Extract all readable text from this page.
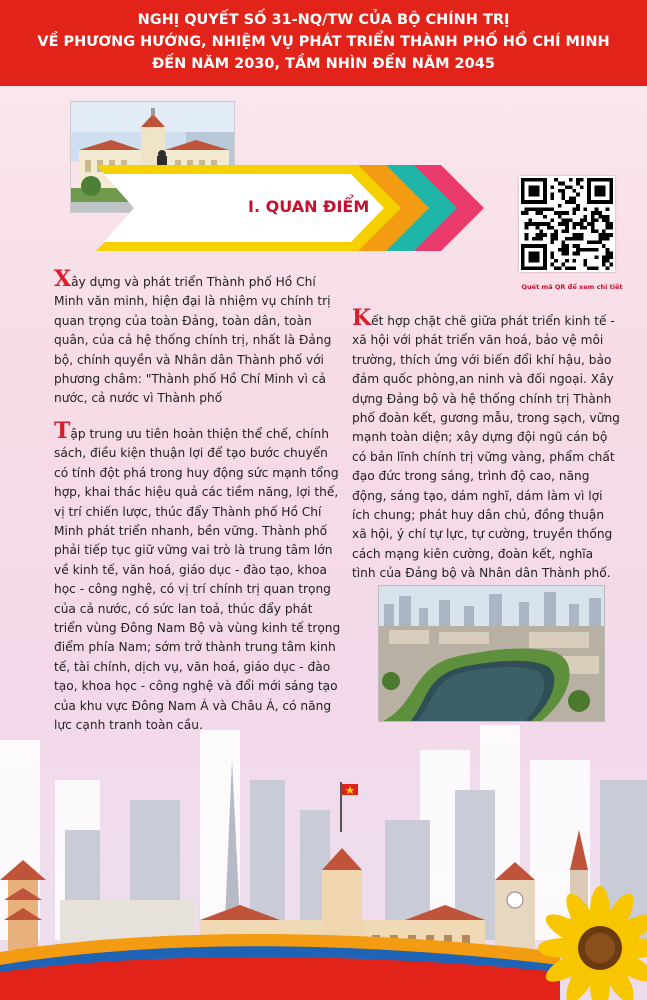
NGHỊ QUYẾT SỐ 31-NQ/TW CỦA BỘ CHÍNH TRỊ
VỀ PHƯƠNG HƯỚNG, NHIỆM VỤ PHÁT TRIỂN THÀNH PHỐ HỒ CHÍ MINH
ĐẾN NĂM 2030, TẦM NHÌN ĐẾN NĂM 2045
I. QUAN ĐIỂM
Quét mã QR để xem chi tiết
Xây dựng và phát triển Thành phố Hồ Chí Minh văn minh, hiện đại là nhiệm vụ chính trị quan trọng của toàn Đảng, toàn dân, toàn quân, của cả hệ thống chính trị, nhất là Đảng bộ, chính quyền và Nhân dân Thành phố với phương châm: "Thành phố Hồ Chí Minh vì cả nước, cả nước vì Thành phố
Tập trung ưu tiên hoàn thiện thể chế, chính sách, điều kiện thuận lợi để tạo bước chuyển có tính đột phá trong huy động sức mạnh tổng hợp, khai thác hiệu quả các tiềm năng, lợi thế, vị trí chiến lược, thúc đẩy Thành phố Hồ Chí Minh phát triển nhanh, bền vững. Thành phố phải tiếp tục giữ vững vai trò là trung tâm lớn về kinh tế, văn hoá, giáo dục - đào tạo, khoa học - công nghệ, có vị trí chính trị quan trọng của cả nước, có sức lan toả, thúc đẩy phát triển vùng Đông Nam Bộ và vùng kinh tế trọng điểm phía Nam; sớm trở thành trung tâm kinh tế, tài chính, dịch vụ, văn hoá, giáo dục - đào tạo, khoa học - công nghệ và đổi mới sáng tạo của khu vực Đông Nam Á và Châu Á, có năng
Kết hợp chặt chẽ giữa phát triển kinh tế - xã hội với phát triển văn hoá, bảo vệ môi trường, thích ứng với biến đổi khí hậu, bảo đảm quốc phòng,an ninh và đối ngoại. Xây dựng Đảng bộ và hệ thống chính trị Thành phố đoàn kết, gương mẫu, trong sạch, vững mạnh toàn diện; xây dựng đội ngũ cán bộ có bản lĩnh chính trị vững vàng, phẩm chất đạo đức trong sáng, trình độ cao, năng động, sáng tạo, dám nghĩ, dám làm vì lợi ích chung; phát huy dân chủ, đồng thuận xã hội, ý chí tự lực, tự cường, truyền thống cách mạng kiên cường, đoàn kết, nghĩa tình của Đảng bộ và Nhân dân Thành phố.
